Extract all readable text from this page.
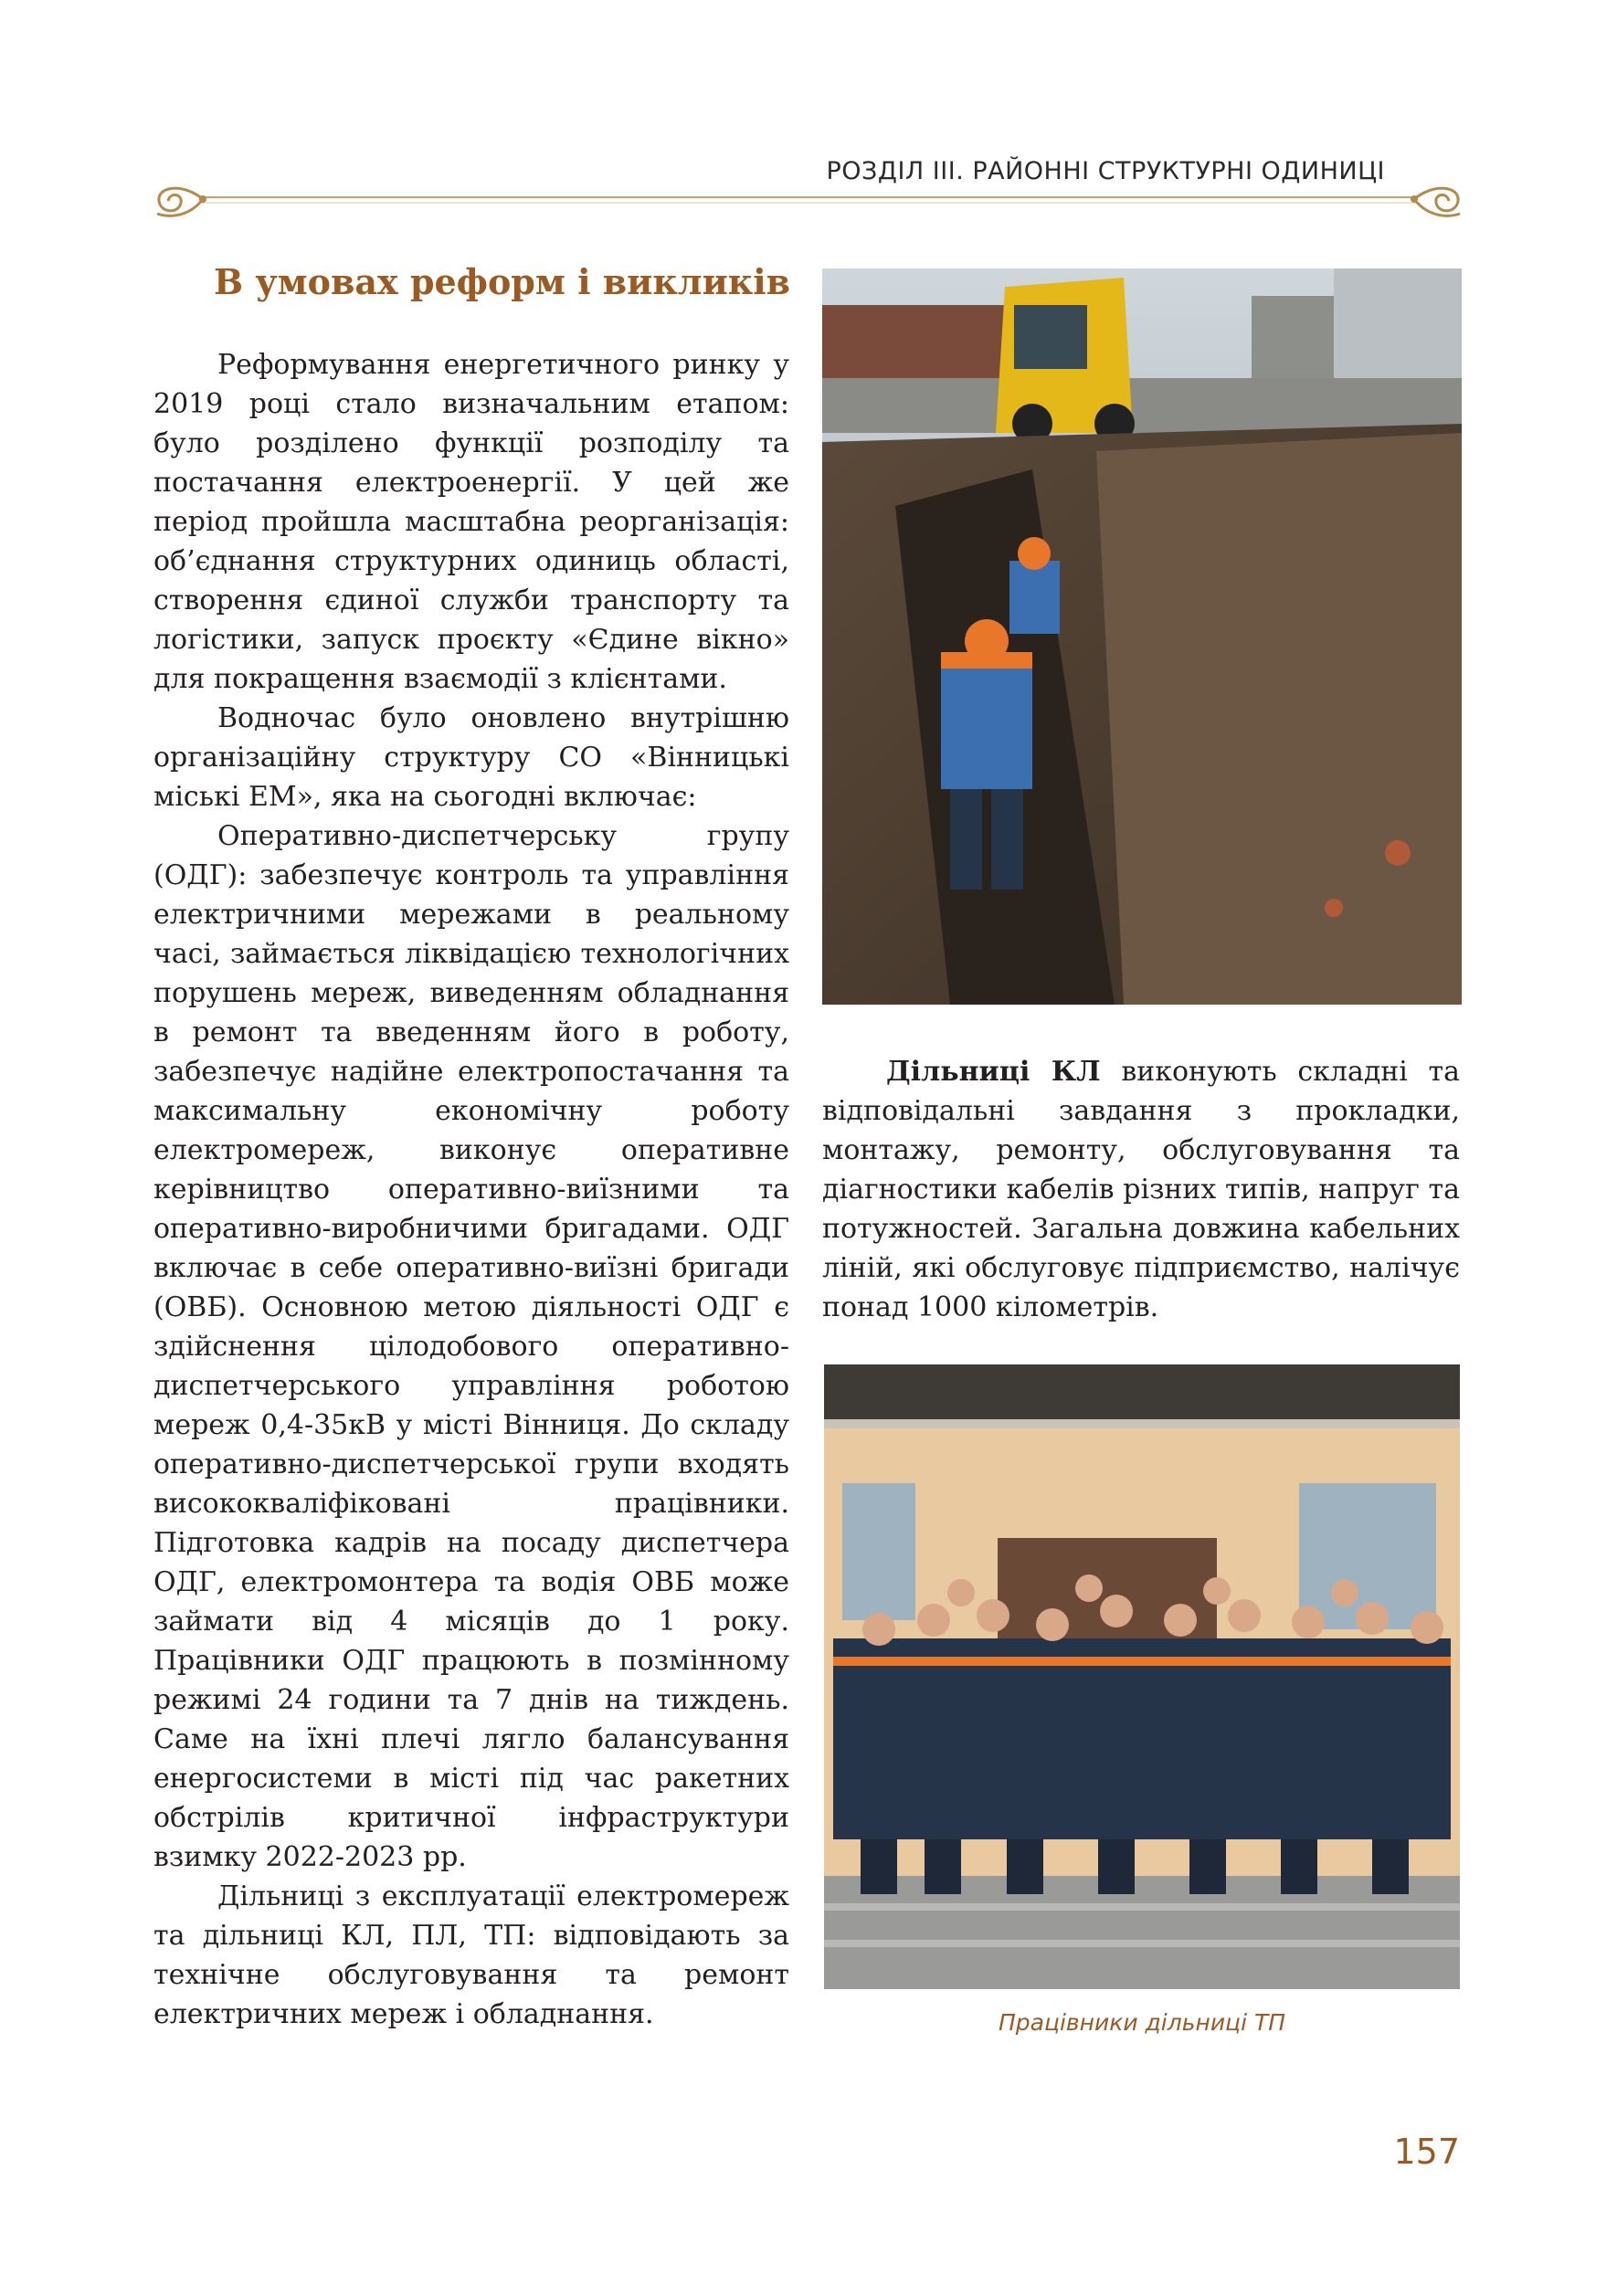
РОЗДІЛ ІІІ. РАЙОННІ СТРУКТУРНІ ОДИНИЦІ
В умовах реформ і викликів

Реформування енергетичного ринку у 2019 році стало визначальним етапом: було розділено функції розподілу та постачання електроенергії. У цей же період пройшла масштабна реорганізація: об’єднання структурних одиниць області, створення єдиної служби транспорту та логістики, запуск проєкту «Єдине вікно» для покращення взаємодії з клієнтами.

Водночас було оновлено внутрішню організаційну структуру СО «Вінницькі міські ЕМ», яка на сьогодні включає:

Оперативно-диспетчерську групу (ОДГ): забезпечує контроль та управління електричними мережами в реальному часі, займається ліквідацією технологічних порушень мереж, виведенням обладнання в ремонт та введенням його в роботу, забезпечує надійне електропостачання та максимальну економічну роботу електромереж, виконує оперативне керівництво оперативно-виїзними та оперативно-виробничими бригадами. ОДГ включає в себе оперативно-виїзні бригади (ОВБ). Основною метою діяльності ОДГ є здійснення цілодобового оперативно-диспетчерського управління роботою мереж 0,4-35кВ у місті Вінниця. До складу оперативно-диспетчерської групи входять висококваліфіковані працівники. Підготовка кадрів на посаду диспетчера ОДГ, електромонтера та водія ОВБ може займати від 4 місяців до 1 року. Працівники ОДГ працюють в позмінному режимі 24 години та 7 днів на тиждень. Саме на їхні плечі лягло балансування енергосистеми в місті під час ракетних обстрілів критичної інфраструктури взимку 2022-2023 рр.

Дільниці з експлуатації електромереж та дільниці КЛ, ПЛ, ТП: відповідають за технічне обслуговування та ремонт електричних мереж і обладнання.

Дільниці КЛ виконують складні та відповідальні завдання з прокладки, монтажу, ремонту, обслуговування та діагностики кабелів різних типів, напруг та потужностей. Загальна довжина кабельних ліній, які обслуговує підприємство, налічує понад 1000 кілометрів.

Працівники дільниці ТП
157
